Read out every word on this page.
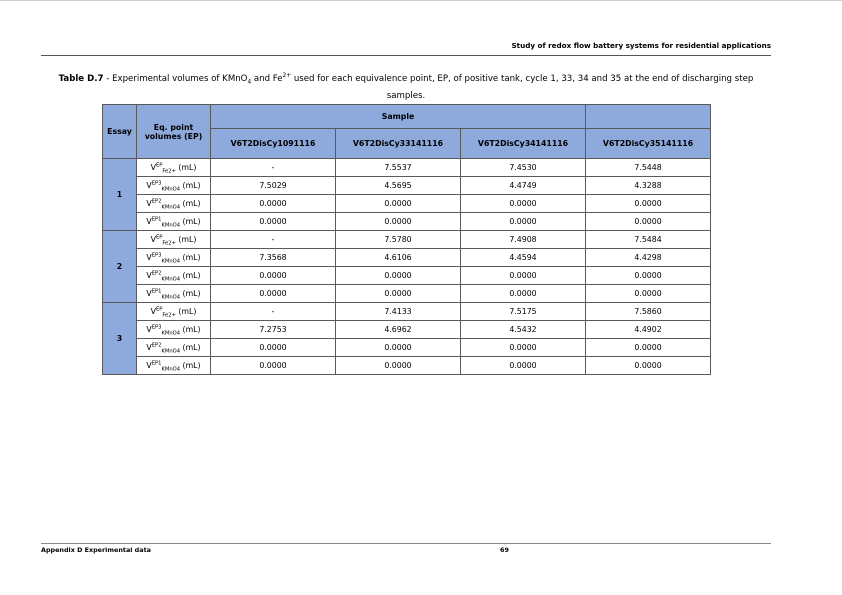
Study of redox flow battery systems for residential applications
Table D.7 - Experimental volumes of KMnO$_4$ and $Fe^{2+}$ used for each equivalence point, EP, of positive tank, cycle 1, 33, 34 and 35 at the end of discharging step samples.
Essay	Eq. point volumes (EP)	Sample			
		V6T2DisCy1091116	V6T2DisCy33141116	V6T2DisCy34141116	V6T2DisCy35141116
1	$V^{EP}_{Fe2+}$ (mL)	-	7.5537	7.4530	7.5448
	$V^{EP3}_{KMnO4}$ (mL)	7.5029	4.5695	4.4749	4.3288
	$V^{EP2}_{KMnO4}$ (mL)	0.0000	0.0000	0.0000	0.0000
	$V^{EP1}_{KMnO4}$ (mL)	0.0000	0.0000	0.0000	0.0000
2	$V^{EP}_{Fe2+}$ (mL)	-	7.5780	7.4908	7.5484
	$V^{EP3}_{KMnO4}$ (mL)	7.3568	4.6106	4.4594	4.4298
	$V^{EP2}_{KMnO4}$ (mL)	0.0000	0.0000	0.0000	0.0000
	$V^{EP1}_{KMnO4}$ (mL)	0.0000	0.0000	0.0000	0.0000
3	$V^{EP}_{Fe2+}$ (mL)	-	7.4133	7.5175	7.5860
	$V^{EP3}_{KMnO4}$ (mL)	7.2753	4.6962	4.5432	4.4902
	$V^{EP2}_{KMnO4}$ (mL)	0.0000	0.0000	0.0000	0.0000
	$V^{EP1}_{KMnO4}$ (mL)	0.0000	0.0000	0.0000	0.0000
Appendix D Experimental data	69
